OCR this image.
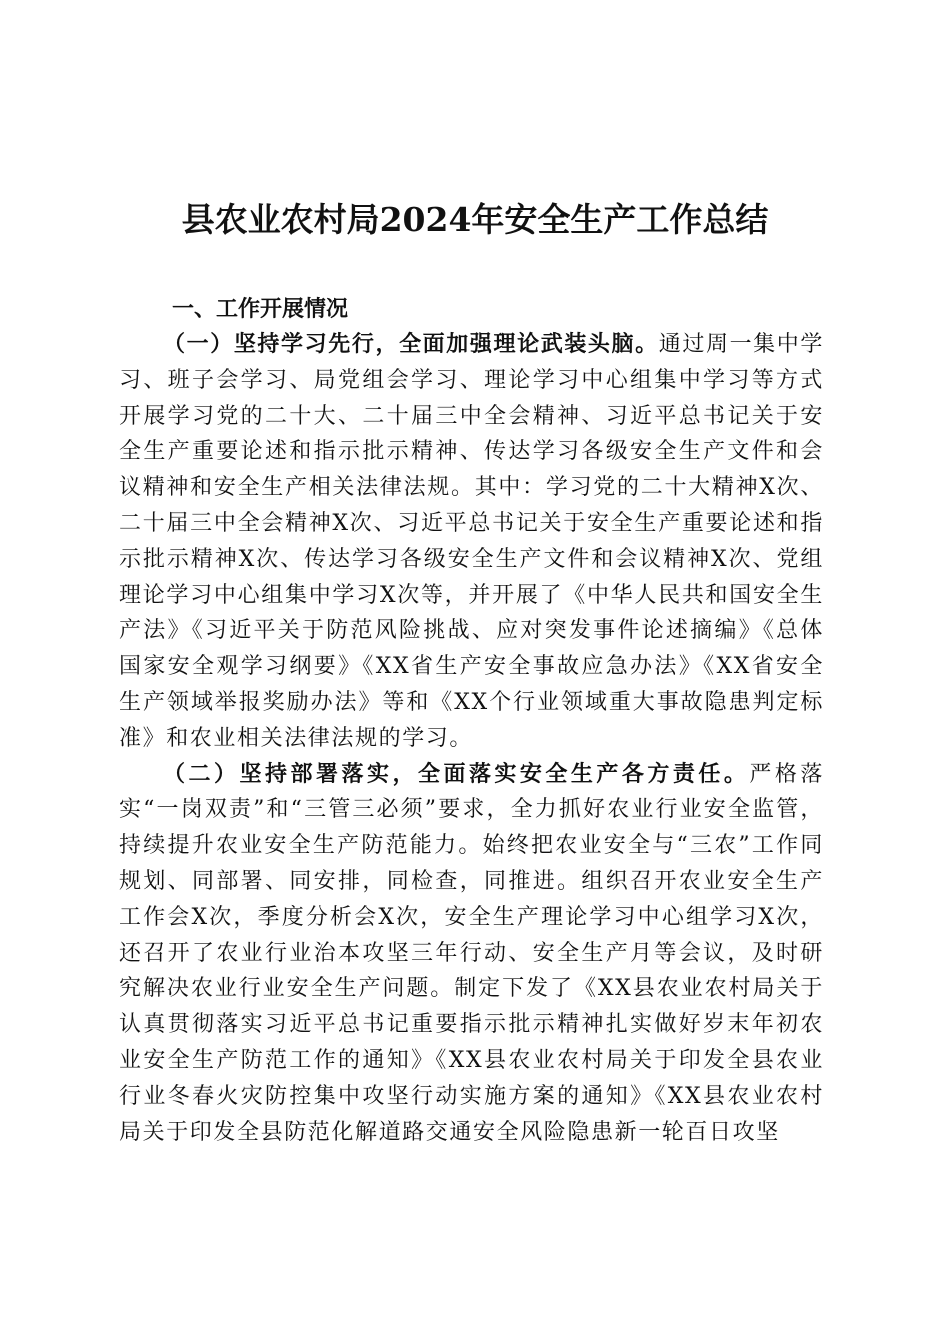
县农业农村局2024年安全生产工作总结
一、工作开展情况

（一）坚持学习先行，全面加强理论武装头脑。通过周一集中学习、班子会学习、局党组会学习、理论学习中心组集中学习等方式开展学习党的二十大、二十届三中全会精神、习近平总书记关于安全生产重要论述和指示批示精神、传达学习各级安全生产文件和会议精神和安全生产相关法律法规。其中：学习党的二十大精神X次、二十届三中全会精神X次、习近平总书记关于安全生产重要论述和指示批示精神X次、传达学习各级安全生产文件和会议精神X次、党组理论学习中心组集中学习X次等，并开展了《中华人民共和国安全生产法》《习近平关于防范风险挑战、应对突发事件论述摘编》《总体国家安全观学习纲要》《XX省生产安全事故应急办法》《XX省安全生产领域举报奖励办法》等和《XX个行业领域重大事故隐患判定标准》和农业相关法律法规的学习。

（二）坚持部署落实，全面落实安全生产各方责任。严格落实“一岗双责”和“三管三必须”要求，全力抓好农业行业安全监管，持续提升农业安全生产防范能力。始终把农业安全与“三农”工作同规划、同部署、同安排，同检查，同推进。组织召开农业安全生产工作会X次，季度分析会X次，安全生产理论学习中心组学习X次，还召开了农业行业治本攻坚三年行动、安全生产月等会议，及时研究解决农业行业安全生产问题。制定下发了《XX县农业农村局关于认真贯彻落实习近平总书记重要指示批示精神扎实做好岁末年初农业安全生产防范工作的通知》《XX县农业农村局关于印发全县农业行业冬春火灾防控集中攻坚行动实施方案的通知》《XX县农业农村局关于印发全县防范化解道路交通安全风险隐患新一轮百日攻坚
